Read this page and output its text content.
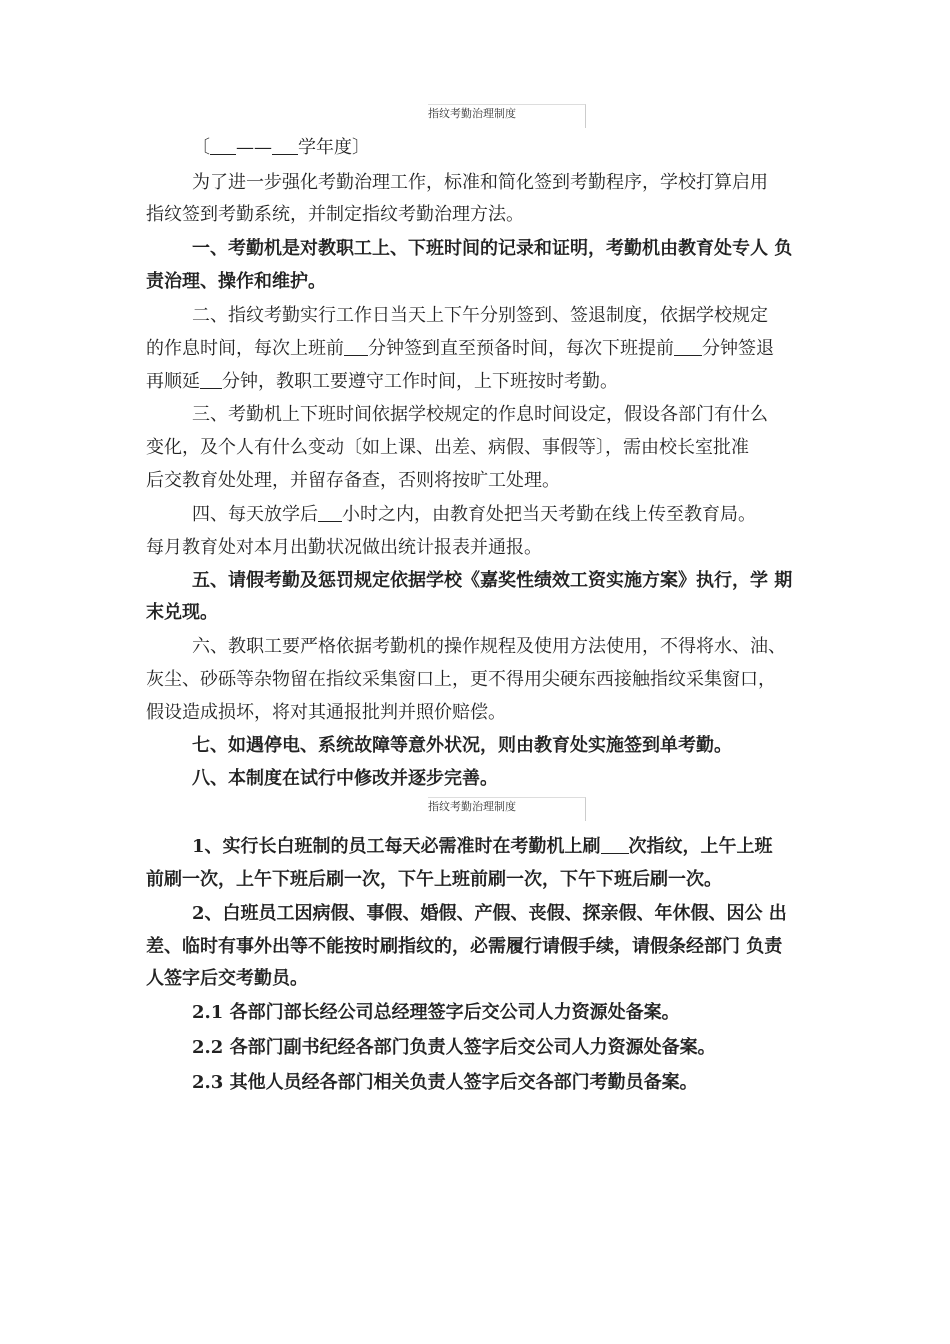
指纹考勤治理制度
〔 —— 学年度〕
为了进一步强化考勤治理工作，标准和简化签到考勤程序，学校打算启用
指纹签到考勤系统，并制定指纹考勤治理方法。
一、考勤机是对教职工上、下班时间的记录和证明，考勤机由教育处专人 负
责治理、操作和维护。
二、指纹考勤实行工作日当天上下午分别签到、签退制度，依据学校规定
的作息时间，每次上班前 分钟签到直至预备时间，每次下班提前 分钟签退
再顺延 分钟，教职工要遵守工作时间，上下班按时考勤。
三、考勤机上下班时间依据学校规定的作息时间设定，假设各部门有什么
变化，及个人有什么变动〔如上课、出差、病假、事假等〕，需由校长室批准
后交教育处处理，并留存备查，否则将按旷工处理。
四、每天放学后 小时之内，由教育处把当天考勤在线上传至教育局。
每月教育处对本月出勤状况做出统计报表并通报。
五、请假考勤及惩罚规定依据学校《嘉奖性绩效工资实施方案》执行，学 期
末兑现。
六、教职工要严格依据考勤机的操作规程及使用方法使用，不得将水、油、
灰尘、砂砾等杂物留在指纹采集窗口上，更不得用尖硬东西接触指纹采集窗口，
假设造成损坏，将对其通报批判并照价赔偿。
七、如遇停电、系统故障等意外状况，则由教育处实施签到单考勤。
八、本制度在试行中修改并逐步完善。
指纹考勤治理制度
1、实行长白班制的员工每天必需准时在考勤机上刷 次指纹，上午上班
前刷一次，上午下班后刷一次，下午上班前刷一次，下午下班后刷一次。
2、白班员工因病假、事假、婚假、产假、丧假、探亲假、年休假、因公 出
差、临时有事外出等不能按时刷指纹的，必需履行请假手续，请假条经部门 负责
人签字后交考勤员。
2.1 各部门部长经公司总经理签字后交公司人力资源处备案。
2.2 各部门副书纪经各部门负责人签字后交公司人力资源处备案。
2.3 其他人员经各部门相关负责人签字后交各部门考勤员备案。
